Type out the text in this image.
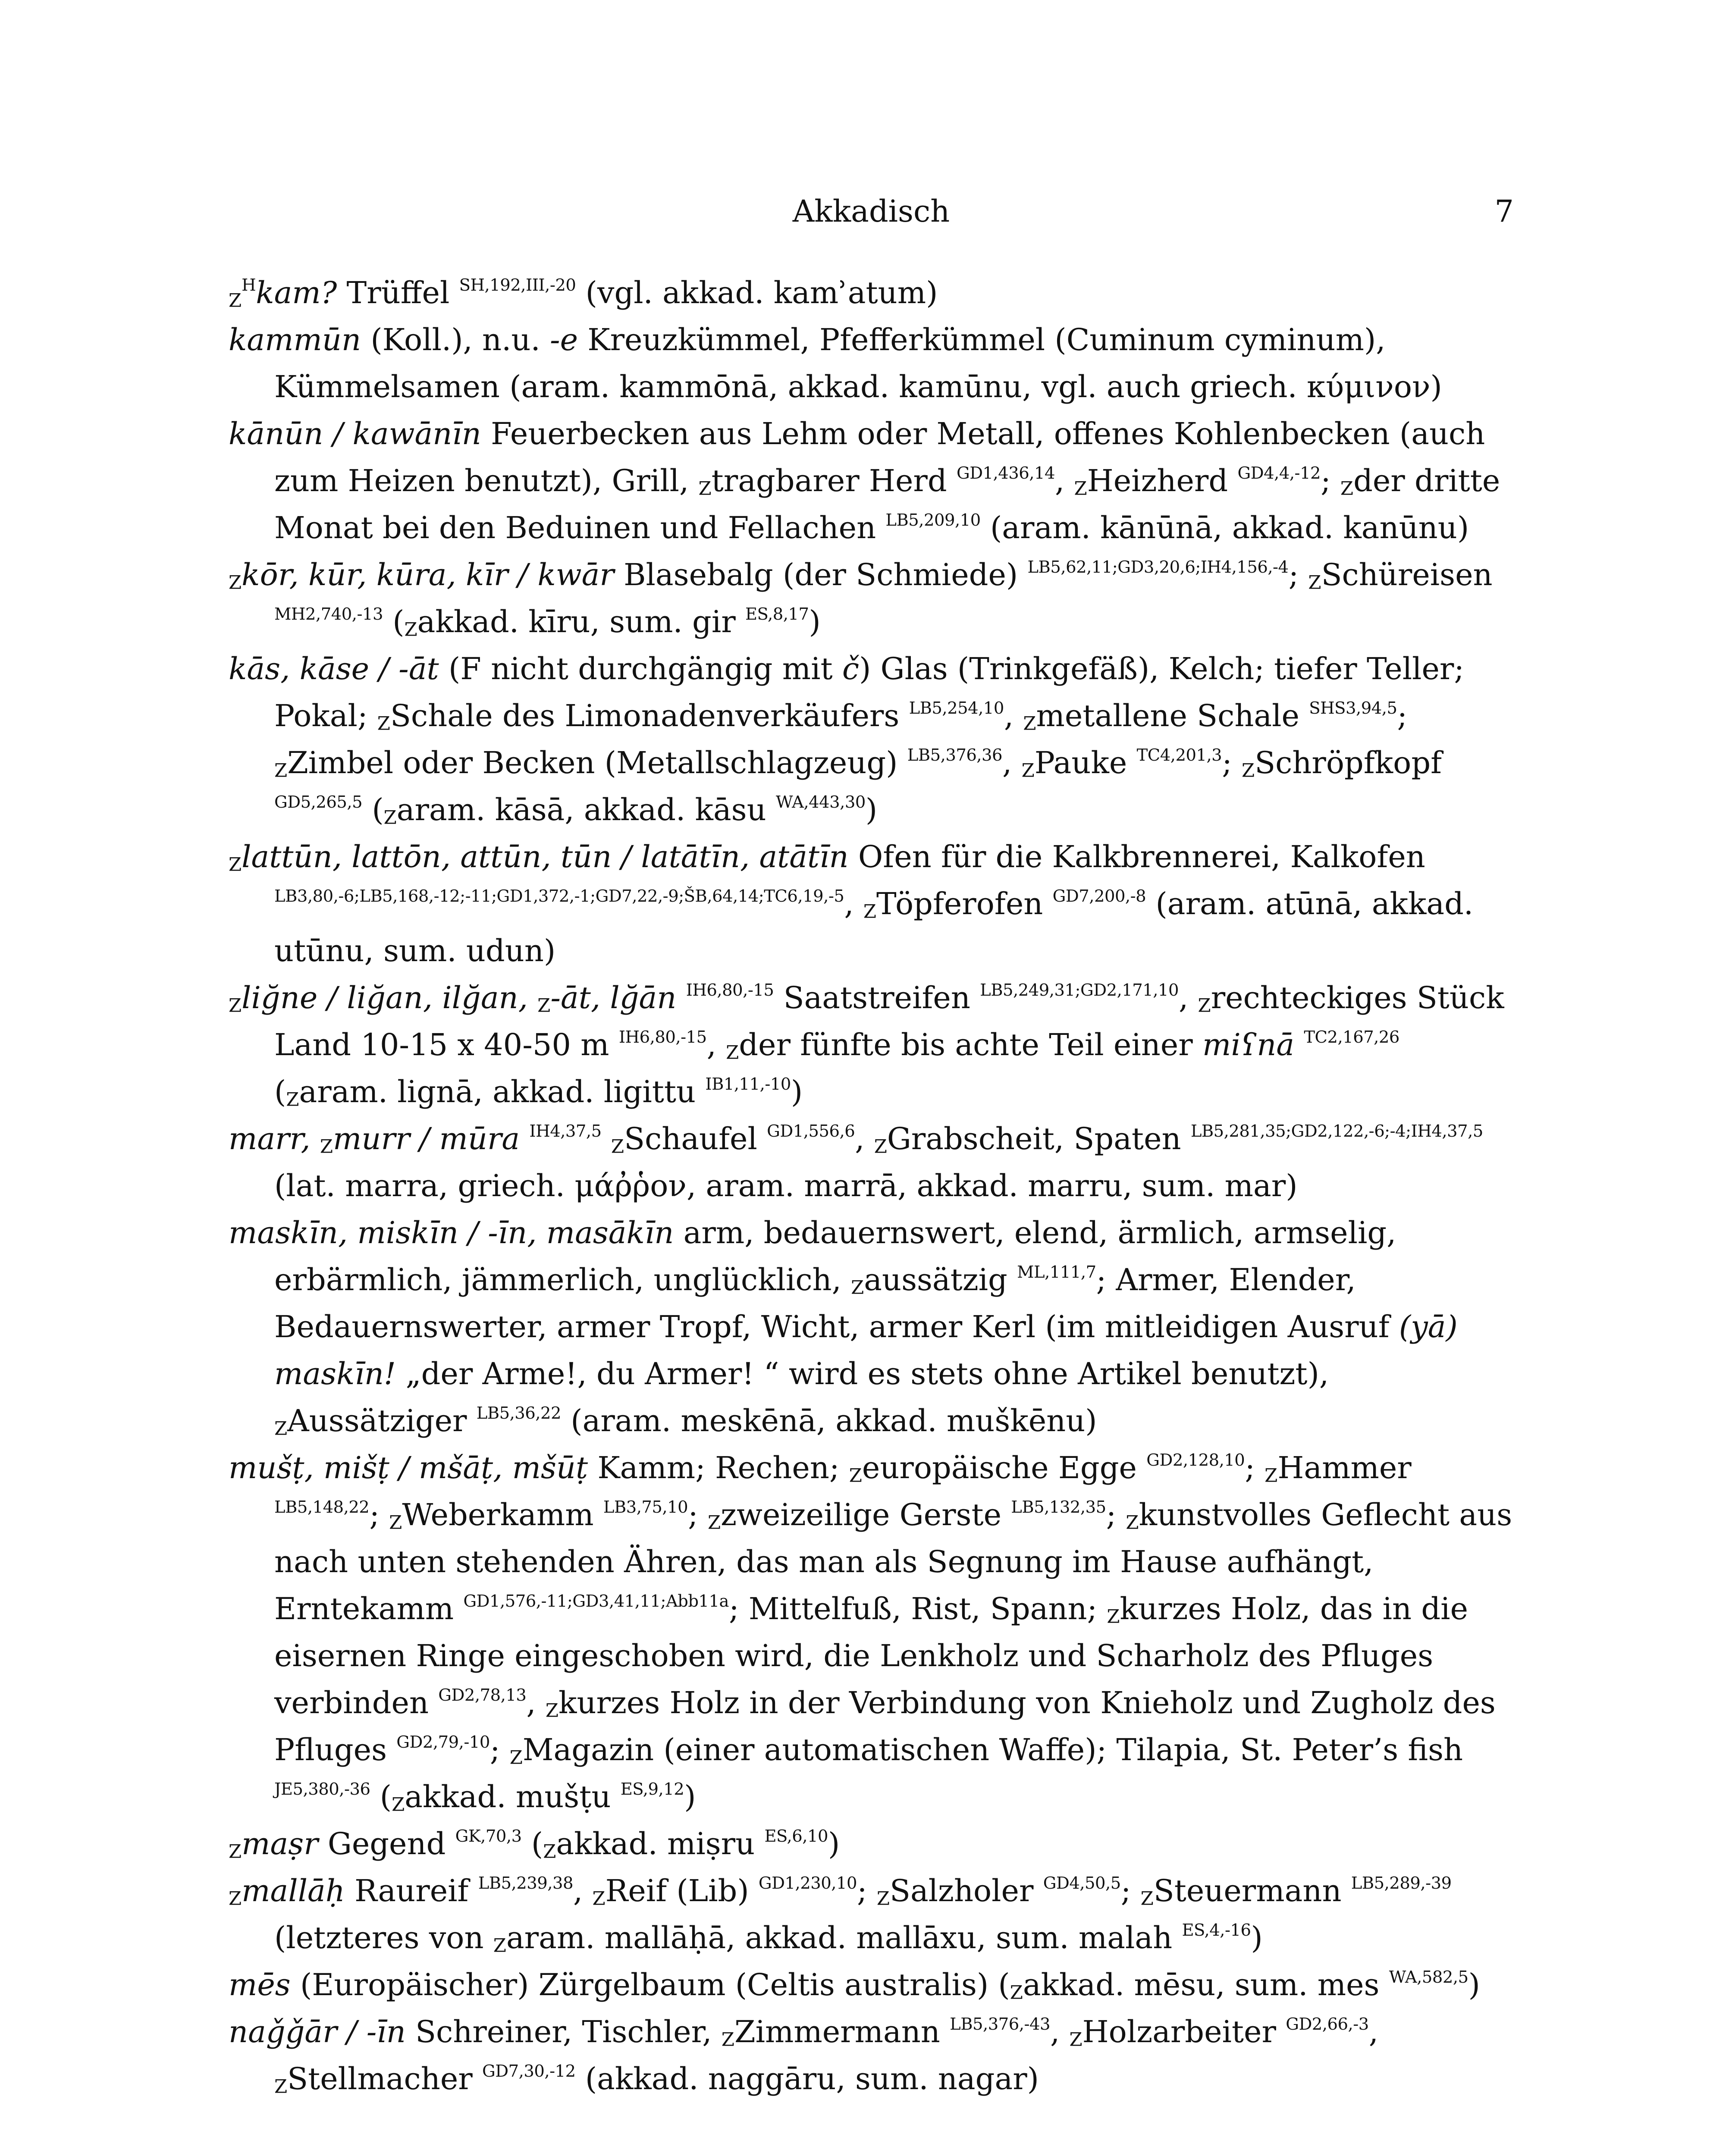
Akkadisch	7
$_Z^H$kam? Trüffel $^{SH,192,III,-20}$ (vgl. akkad. kamʾatum)
kammūn (Koll.), n.u. -e Kreuzkümmel, Pfefferkümmel (Cuminum cyminum), Kümmelsamen (aram. kammōnā, akkad. kamūnu, vgl. auch griech. κύμινον)
kānūn / kawānīn Feuerbecken aus Lehm oder Metall, offenes Kohlenbecken (auch zum Heizen benutzt), Grill, $_Z$tragbarer Herd $^{GD1,436,14}$, $_Z$Heizherd $^{GD4,4,-12}$; $_Z$der dritte Monat bei den Beduinen und Fellachen $^{LB5,209,10}$ (aram. kānūnā, akkad. kanūnu)
$_Z$kōr, kūr, kūra, kīr / kwār Blasebalg (der Schmiede) $^{LB5,62,11;GD3,20,6;IH4,156,-4}$; $_Z$Schüreisen $^{MH2,740,-13}$ ($_Zakkad$. kīru, sum. gir $^{ES,8,17}$)
kās, kāse / -āt (F nicht durchgängig mit č) Glas (Trinkgefäß), Kelch; tiefer Teller; Pokal; $_Z$Schale des Limonadenverkäufers $^{LB5,254,10}$, $_Z$metallene Schale $^{SHS3,94,5}$; $_Z$Zimbel oder Becken (Metallschlagzeug) $^{LB5,376,36}$, $_Z$Pauke $^{TC4,201,3}$; $_Z$Schröpfkopf $^{GD5,265,5}$ ($_Zaram$. kāsā, akkad. kāsu $^{WA,443,30}$)
$_Z$lattūn, lattōn, attūn, tūn / latātīn, atātīn Ofen für die Kalkbrennerei, Kalkofen $^{LB3,80,-6;LB5,168,-12;-11;GD1,372,-1;GD7,22,-9;ŠB,64,14;TC6,19,-5}$, $_Z$Töpferofen $^{GD7,200,-8}$ (aram. atūnā, akkad. utūnu, sum. udun)
$_Z$liğne / liğan, ilğan, $_Z$-āt, lğān $^{IH6,80,-15}$ Saatstreifen $^{LB5,249,31;GD2,171,10}$, $_Z$rechteckiges Stück Land 10-15 x 40-50 m $^{IH6,80,-15}$, $_Z$der fünfte bis achte Teil einer miʕnā $^{TC2,167,26}$ ($_Zaram$. lignā, akkad. ligittu $^{IB1,11,-10}$)
marr, $_Z$murr / mūra $^{IH4,37,5}$ $_Z$Schaufel $^{GD1,556,6}$, $_Z$Grabscheit, Spaten $^{LB5,281,35;GD2,122,-6;-4;IH4,37,5}$ (lat. marra, griech. μάῤῥον, aram. marrā, akkad. marru, sum. mar)
maskīn, miskīn / -īn, masākīn arm, bedauernswert, elend, ärmlich, armselig, erbärmlich, jämmerlich, unglücklich, $_Z$aussätzig $^{ML,111,7}$; Armer, Elender, Bedauernswerter, armer Tropf, Wicht, armer Kerl (im mitleidigen Ausruf (yā) maskīn! „der Arme!, du Armer! “ wird es stets ohne Artikel benutzt), $_Z$Aussätziger $^{LB5,36,22}$ (aram. meskēnā, akkad. muškēnu)
mušṭ, mišṭ / mšāṭ, mšūṭ Kamm; Rechen; $_Z$europäische Egge $^{GD2,128,10}$; $_Z$Hammer $^{LB5,148,22}$; $_Z$Weberkamm $^{LB3,75,10}$; $_Z$zweizeilige Gerste $^{LB5,132,35}$; $_Z$kunstvolles Geflecht aus nach unten stehenden Ähren, das man als Segnung im Hause aufhängt, Erntekamm $^{GD1,576,-11;GD3,41,11;Abb11a}$; Mittelfuß, Rist, Spann; $_Z$kurzes Holz, das in die eisernen Ringe eingeschoben wird, die Lenkholz und Scharholz des Pfluges verbinden $^{GD2,78,13}$, $_Z$kurzes Holz in der Verbindung von Knieholz und Zugholz des Pfluges $^{GD2,79,-10}$; $_Z$Magazin (einer automatischen Waffe); Tilapia, St. Peter’s fish $^{JE5,380,-36}$ ($_Zakkad$. mušṭu $^{ES,9,12}$)
$_Z$maṣr Gegend $^{GK,70,3}$ ($_Zakkad$. miṣru $^{ES,6,10}$)
$_Z$mallāḥ Raureif $^{LB5,239,38}$, $_Z$Reif (Lib) $^{GD1,230,10}$; $_Z$Salzholer $^{GD4,50,5}$; $_Z$Steuermann $^{LB5,289,-39}$ (letzteres von $_Z$aram. mallāḥā, akkad. mallāxu, sum. malah $^{ES,4,-16}$)
mēs (Europäischer) Zürgelbaum (Celtis australis) ($_Zakkad$. mēsu, sum. mes $^{WA,582,5}$)
naǧǧār / -īn Schreiner, Tischler, $_Z$Zimmermann $^{LB5,376,-43}$, $_Z$Holzarbeiter $^{GD2,66,-3}$, $_Z$Stellmacher $^{GD7,30,-12}$ (akkad. naggāru, sum. nagar)
